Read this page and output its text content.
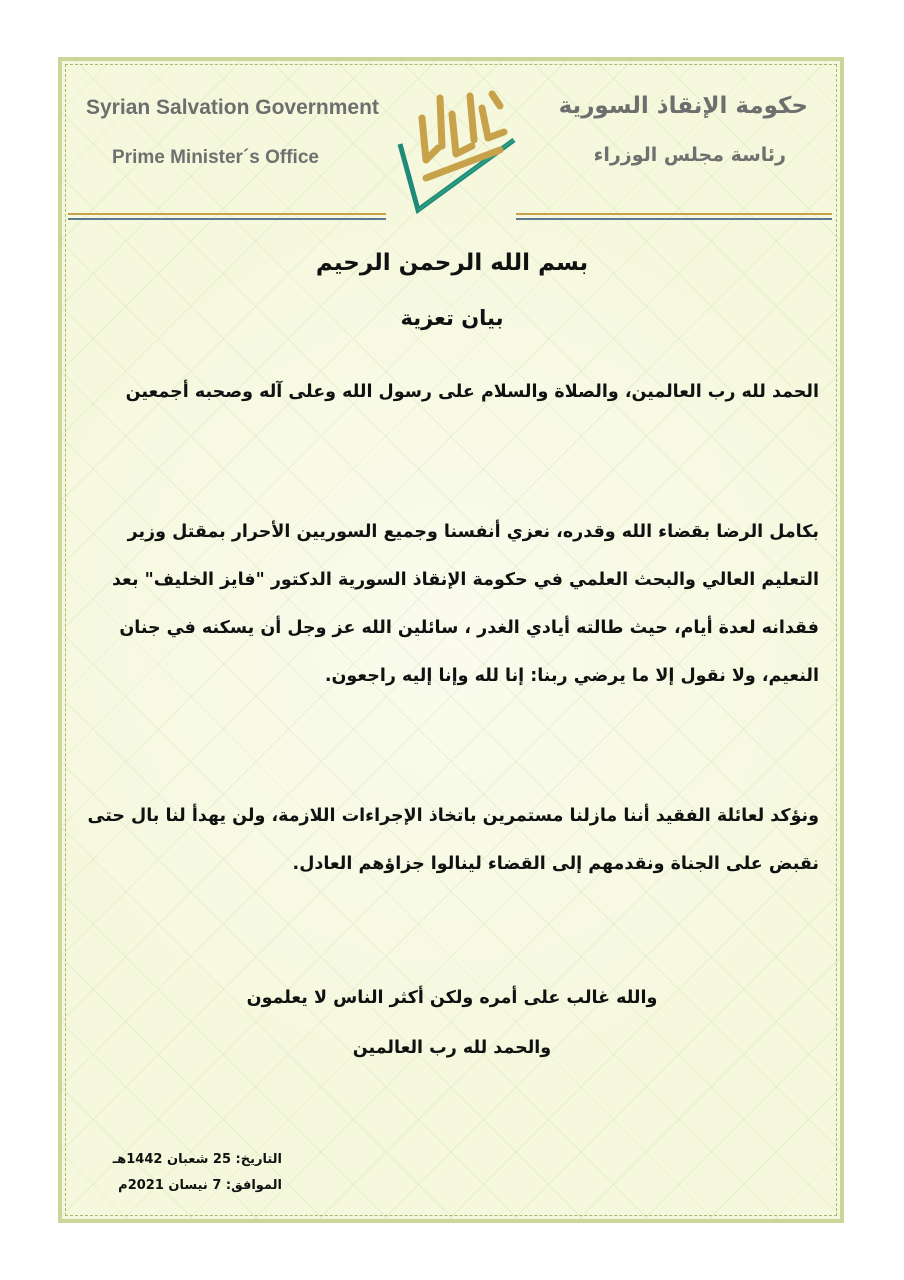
Syrian Salvation Government
Prime Minister´s Office
حكومة الإنقاذ السورية
رئاسة مجلس الوزراء
بسم الله الرحمن الرحيم
بيان تعزية
الحمد لله رب العالمين، والصلاة والسلام على رسول الله وعلى آله وصحبه أجمعين
بكامل الرضا بقضاء الله وقدره، نعزي أنفسنا وجميع السوريين الأحرار بمقتل وزير التعليم العالي والبحث العلمي في حكومة الإنقاذ السورية الدكتور "فايز الخليف" بعد فقدانه لعدة أيام، حيث طالته أيادي الغدر ، سائلين الله عز وجل أن يسكنه في جنان النعيم، ولا نقول إلا ما يرضي ربنا: إنا لله وإنا إليه راجعون.
ونؤكد لعائلة الفقيد أننا مازلنا مستمرين باتخاذ الإجراءات اللازمة، ولن يهدأ لنا بال حتى نقبض على الجناة ونقدمهم إلى القضاء لينالوا جزاؤهم العادل.
والله غالب على أمره ولكن أكثر الناس لا يعلمون
والحمد لله رب العالمين
التاريخ: 25 شعبان 1442هـ
الموافق: 7 نيسان 2021م
